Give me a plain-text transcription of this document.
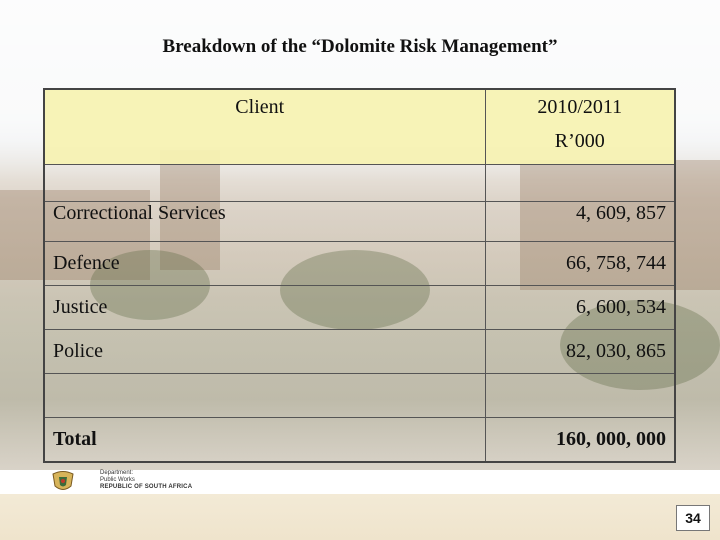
Breakdown of the “Dolomite Risk Management”
Client	2010/2011
R’000

Correctional Services	4, 609, 857
Defence	66, 758, 744
Justice	6, 600, 534
Police	82, 030, 865

Total	160, 000, 000
Department:
Public Works
REPUBLIC OF SOUTH AFRICA
34
